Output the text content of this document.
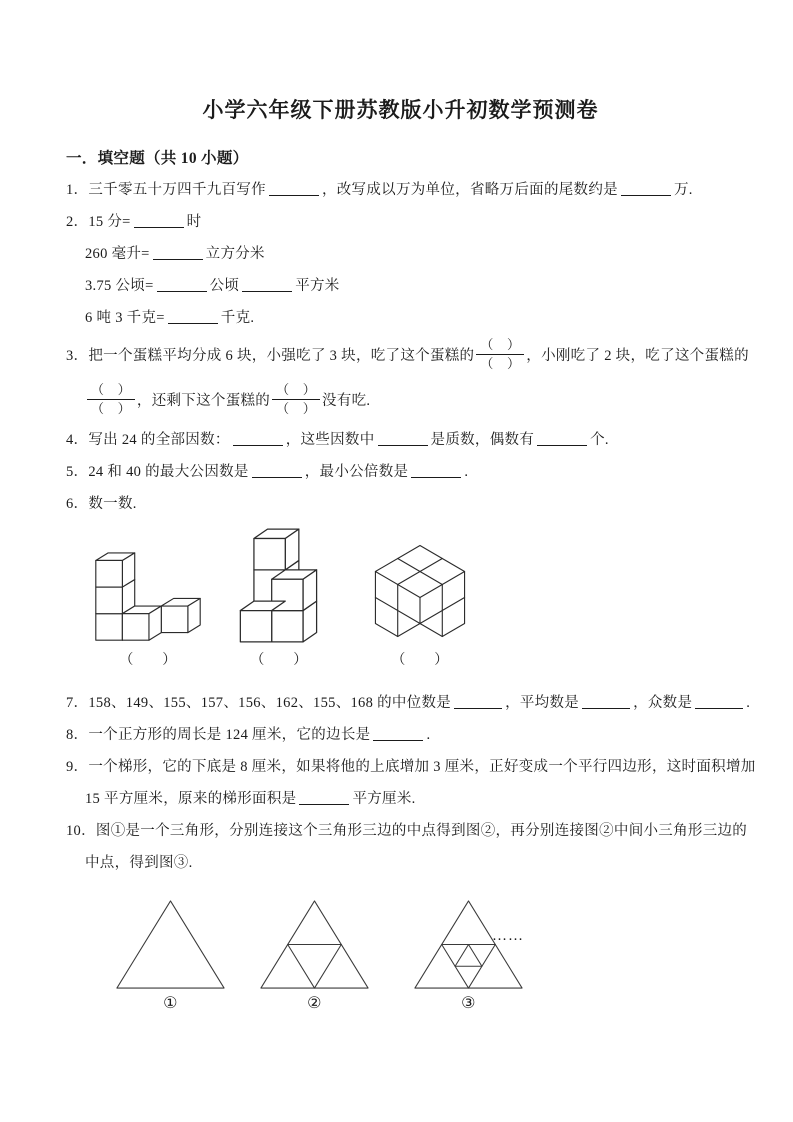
小学六年级下册苏教版小升初数学预测卷
一．填空题（共 10 小题）
1．三千零五十万四千九百写作	，改写成以万为单位，省略万后面的尾数约是	万.
2．15 分=	时
260 毫升=	立方分米
3.75 公顷=	公顷	平方米
6 吨 3 千克=	千克.
3．把一个蛋糕平均分成 6 块，小强吃了 3 块，吃了这个蛋糕的 $\frac{( )}{( )}$ ，小刚吃了 2 块，吃了这个蛋糕的
$\frac{( )}{( )}$ ，还剩下这个蛋糕的 $\frac{( )}{( )}$ 没有吃.
4．写出 24 的全部因数：	，这些因数中	是质数，偶数有	个.
5．24 和 40 的最大公因数是	，最小公倍数是	.
6．数一数.
（　　）	（　　）	（　　）
7．158、149、155、157、156、162、155、168 的中位数是	，平均数是	，众数是	.
8．一个正方形的周长是 124 厘米，它的边长是	.
9．一个梯形，它的下底是 8 厘米，如果将他的上底增加 3 厘米，正好变成一个平行四边形，这时面积增加
15 平方厘米，原来的梯形面积是	平方厘米.
10．图①是一个三角形，分别连接这个三角形三边的中点得到图②，再分别连接图②中间小三角形三边的
中点，得到图③.
①	②	③
……
